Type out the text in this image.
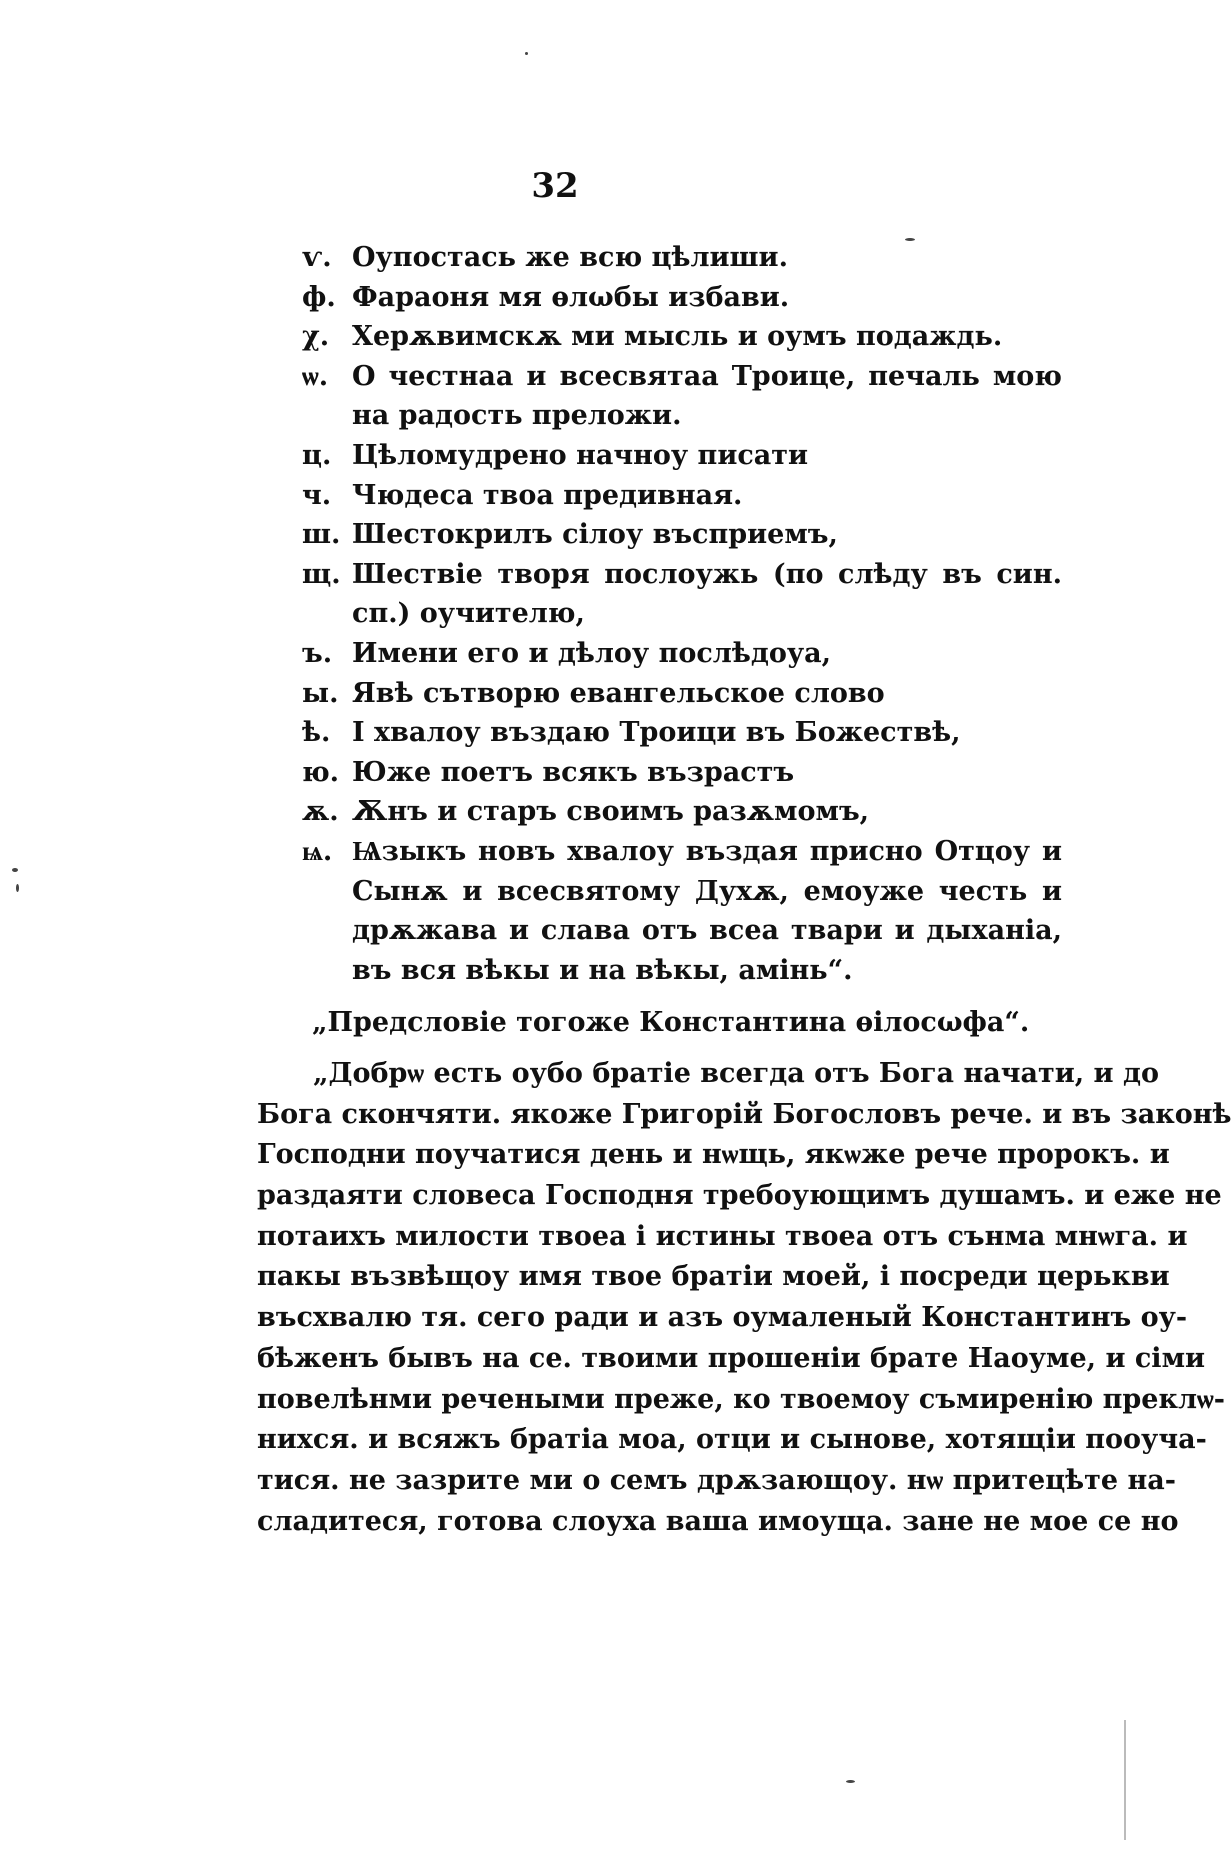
32
ѵ. Оупостась же всю цѣлиши.
ф. Фараоня мя ѳлωбы избави.
χ. Херѫвимскѫ ми мысль и оумъ подаждь.
ѡ. О честнаа и всесвятаа Троице, печаль мою на радость преложи.
ц. Цѣломудрено начноу писати
ч. Чюдеса твоа предивная.
ш. Шестокрилъ сілоу въсприемъ,
щ. Шествіе творя послоужь (по слѣду въ син. сп.) оучителю,
ъ. Имени его и дѣлоу послѣдоуа,
ы. Явѣ сътворю евангельское слово
ѣ. І хвалоу въздаю Троици въ Божествѣ,
ю. Юже поетъ всякъ възрастъ
ѫ. Ѫнъ и старъ своимъ разѫмомъ,
ѩ. Ѩзыкъ новъ хвалоу въздая присно Отцоу и Сынѫ и всесвятому Духѫ, емоуже честь и дрѫжава и слава отъ всеа твари и дыханіа, въ вся вѣкы и на вѣкы, амінь“.
„Предсловіе тогоже Константина ѳілосωфа“.
„Добрѡ есть оубо братіе всегда отъ Бога начати, и до
Бога скончяти. якоже Григорій Богословъ рече. и въ законѣ
Господни поучатися день и нѡщь, якѡже рече пророкъ. и
раздаяти словеса Господня требоующимъ душамъ. и еже не
потаихъ милости твоеа і истины твоеа отъ сънма мнѡга. и
пакы възвѣщоу имя твое братіи моей, і посреди церькви
въсхвалю тя. сего ради и азъ оумаленый Константинъ оу-
бѣженъ бывъ на се. твоими прошеніи брате Наоуме, и сіми
повелѣнми речеными преже, ко твоемоу съмиренію преклѡ-
нихся. и всяжъ братіа моа, отци и сынове, хотящіи пооуча-
тися. не зазрите ми о семъ дрѫзающоу. нѡ притецѣте на-
сладитеся, готова слоуха ваша имоуща. зане не мое се но
